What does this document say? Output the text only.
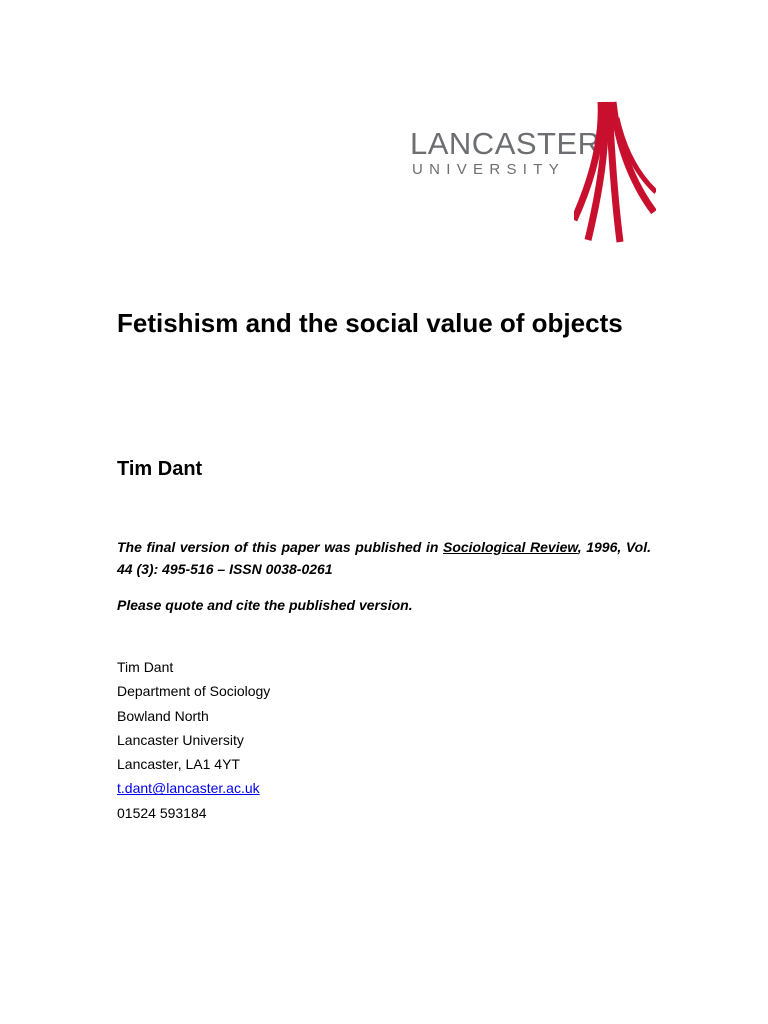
LANCASTER
UNIVERSITY
Fetishism and the social value of objects
Tim Dant

The final version of this paper was published in Sociological Review, 1996, Vol. 44 (3): 495-516 – ISSN 0038-0261

Please quote and cite the published version.

Tim Dant
Department of Sociology
Bowland North
Lancaster University
Lancaster, LA1 4YT
t.dant@lancaster.ac.uk
01524 593184
